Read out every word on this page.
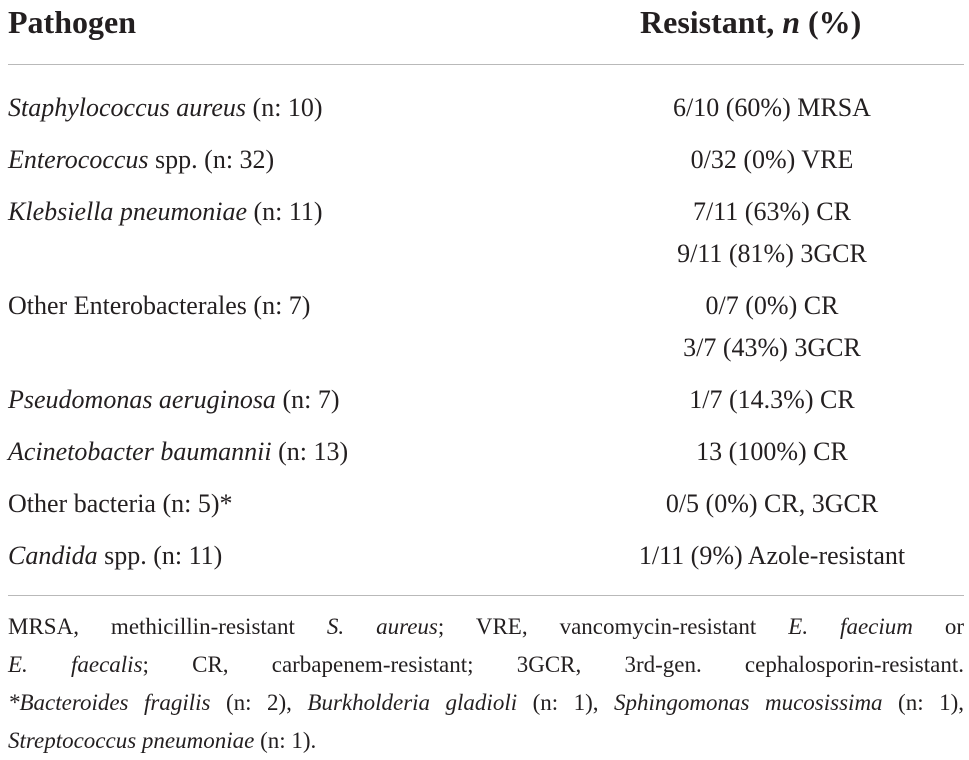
Pathogen	Resistant, n (%)
Staphylococcus aureus (n: 10)	6/10 (60%) MRSA
Enterococcus spp. (n: 32)	0/32 (0%) VRE
Klebsiella pneumoniae (n: 11)	7/11 (63%) CR
9/11 (81%) 3GCR
Other Enterobacterales (n: 7)	0/7 (0%) CR
3/7 (43%) 3GCR
Pseudomonas aeruginosa (n: 7)	1/7 (14.3%) CR
Acinetobacter baumannii (n: 13)	13 (100%) CR
Other bacteria (n: 5)*	0/5 (0%) CR, 3GCR
Candida spp. (n: 11)	1/11 (9%) Azole-resistant

MRSA, methicillin-resistant S. aureus; VRE, vancomycin-resistant E. faecium or

E. faecalis; CR, carbapenem-resistant; 3GCR, 3rd-gen. cephalosporin-resistant.

*Bacteroides fragilis (n: 2), Burkholderia gladioli (n: 1), Sphingomonas mucosissima (n: 1),

Streptococcus pneumoniae (n: 1).
